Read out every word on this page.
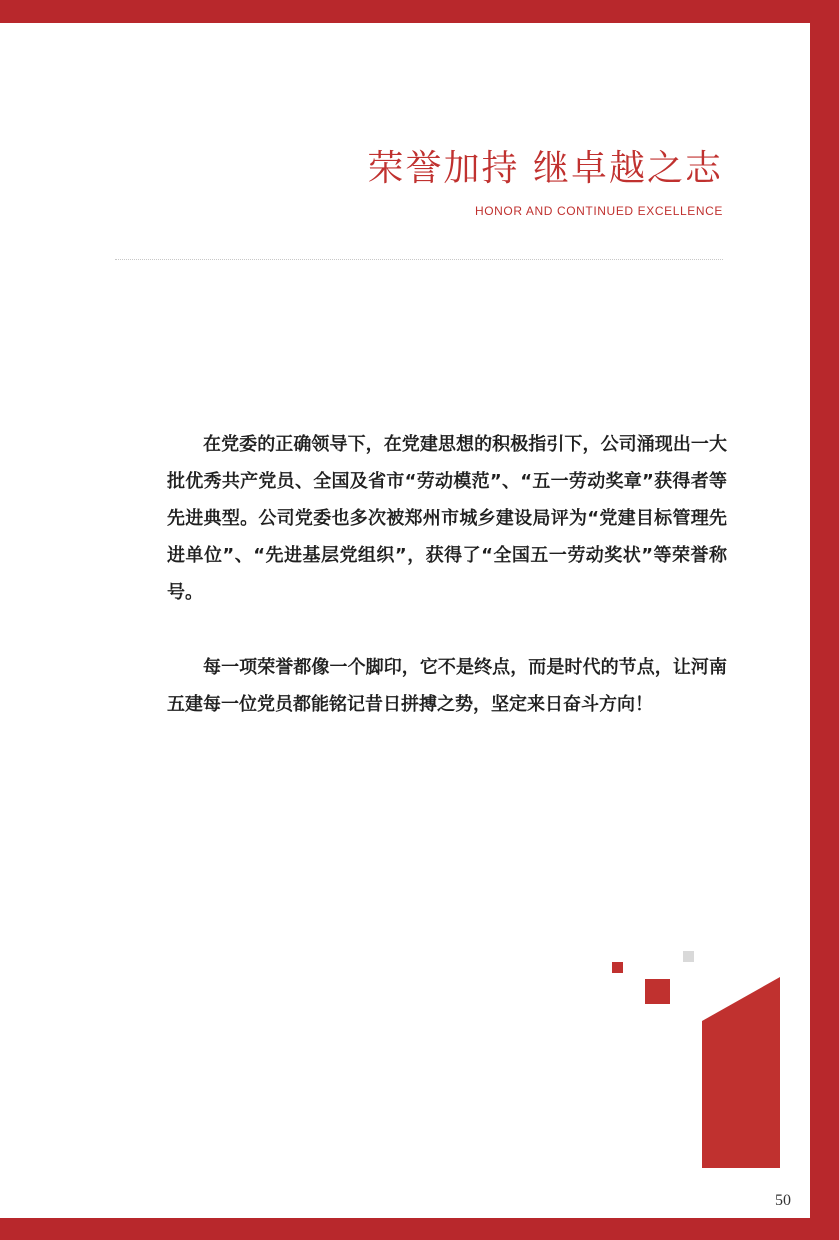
荣誉加持 继卓越之志
HONOR AND CONTINUED EXCELLENCE

在党委的正确领导下，在党建思想的积极指引下，公司涌现出一大批优秀共产党员、全国及省市“劳动模范”、“五一劳动奖章”获得者等先进典型。公司党委也多次被郑州市城乡建设局评为“党建目标管理先进单位”、“先进基层党组织”，获得了“全国五一劳动奖状”等荣誉称号。

每一项荣誉都像一个脚印，它不是终点，而是时代的节点，让河南五建每一位党员都能铭记昔日拼搏之势，坚定来日奋斗方向！

50
